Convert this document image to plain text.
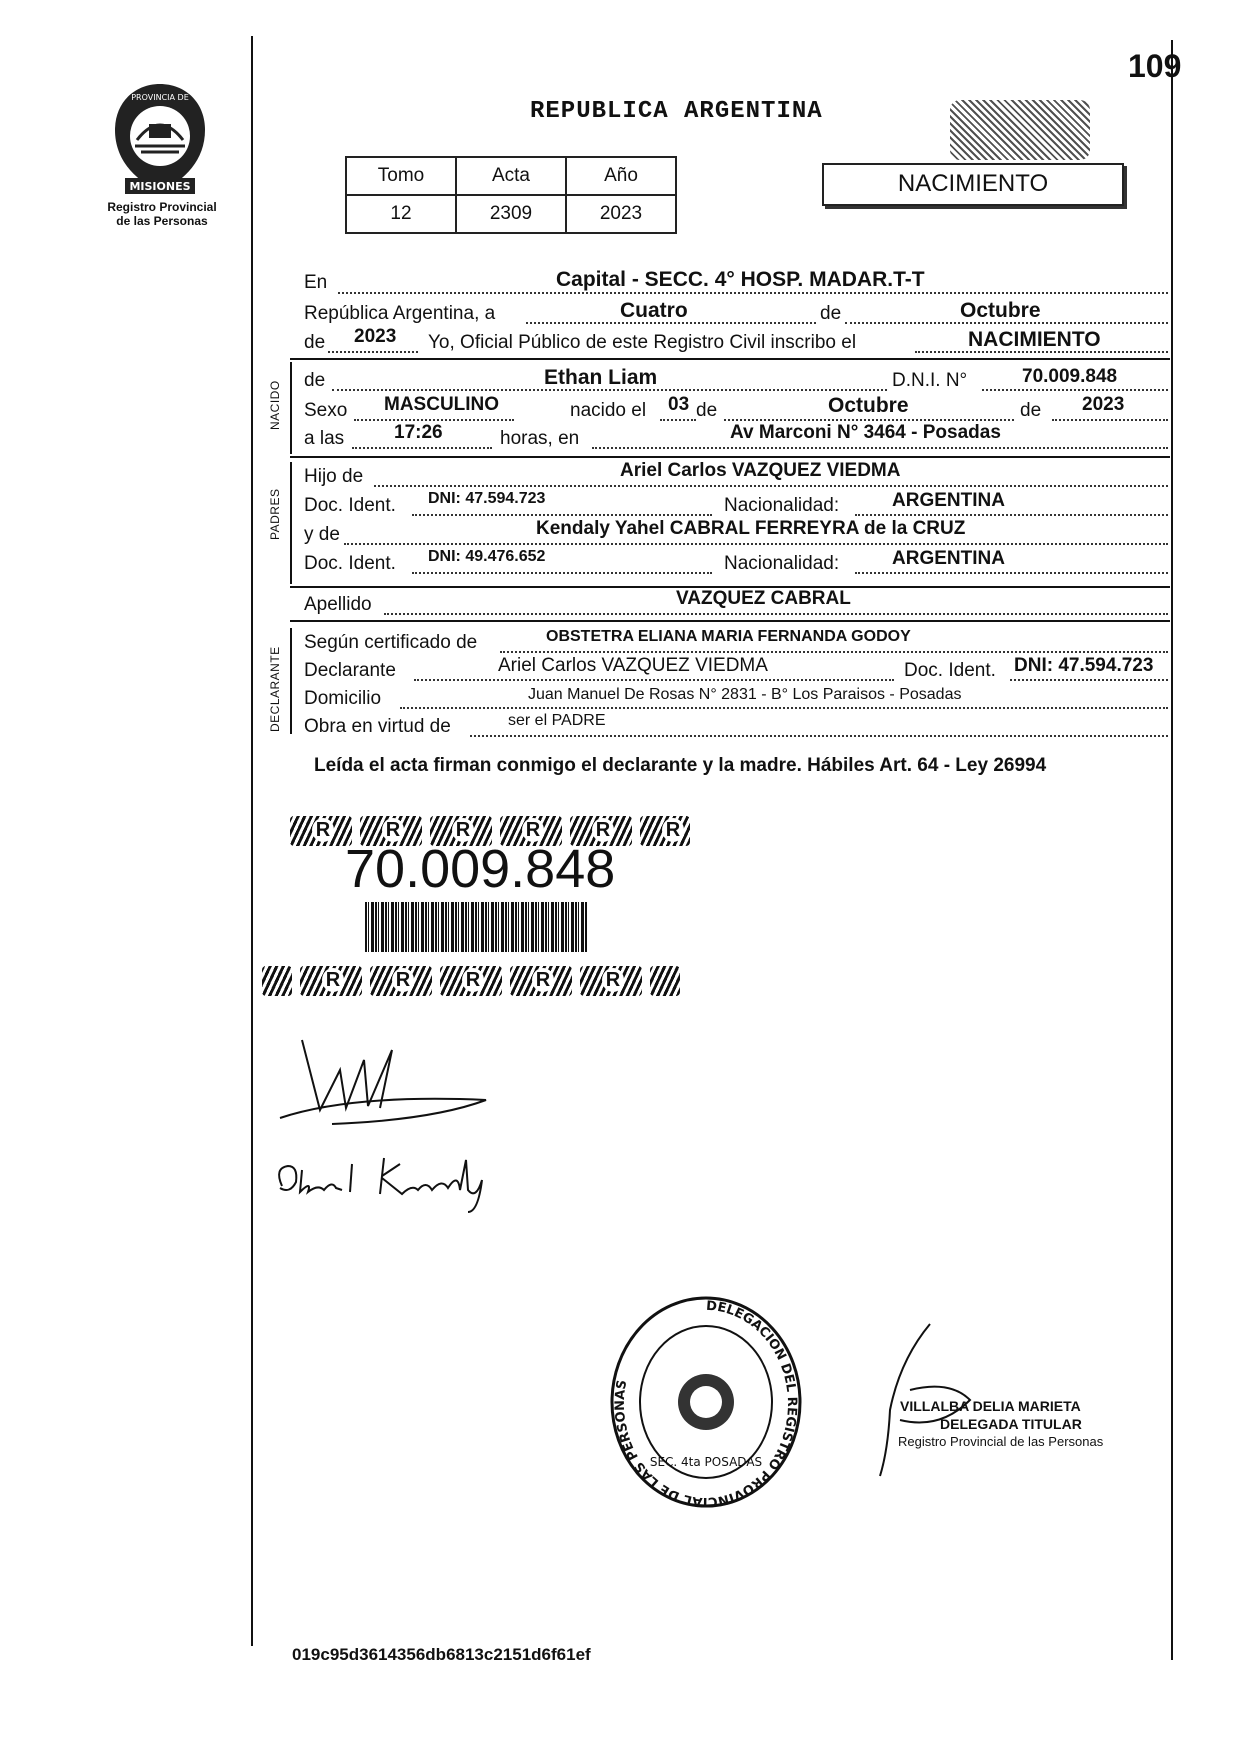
109
MISIONES
PROVINCIA DE
Registro Provincial
de las Personas
REPUBLICA ARGENTINA
Tomo	Acta	Año
12	2309	2023
NACIMIENTO
En	Capital - SECC. 4° HOSP. MADAR.T-T
República Argentina, a	Cuatro	de	Octubre
de 2023 Yo, Oficial Público de este Registro Civil inscribo el	NACIMIENTO
NACIDO de	Ethan Liam	D.N.I. N°	70.009.848
Sexo MASCULINO	nacido el 03 de	Octubre	de 2023
a las	17:26	horas, en	Av Marconi N° 3464 - Posadas
PADRES
Hijo de	Ariel Carlos VAZQUEZ VIEDMA
Doc. Ident. DNI: 47.594.723	Nacionalidad:	ARGENTINA
y de	Kendaly Yahel CABRAL FERREYRA de la CRUZ
Doc. Ident. DNI: 49.476.652	Nacionalidad:	ARGENTINA
Apellido	VAZQUEZ CABRAL
DECLARANTE
Según certificado de	OBSTETRA ELIANA MARIA FERNANDA GODOY
Declarante	Ariel Carlos VAZQUEZ VIEDMA	Doc. Ident. DNI: 47.594.723
Domicilio	Juan Manuel De Rosas N° 2831 - B° Los Paraisos - Posadas
Obra en virtud de	ser el PADRE
Leída el acta firman conmigo el declarante y la madre. Hábiles Art. 64 - Ley 26994
R	R	R	R	R	R
70.009.848
R	R	R	R	R
DELEGACION DEL REGISTRO PROVINCIAL DE LAS PERSONAS
SEC. 4ta POSADAS
VILLALBA DELIA MARIETA
DELEGADA TITULAR
Registro Provincial de las Personas
019c95d3614356db6813c2151d6f61ef
